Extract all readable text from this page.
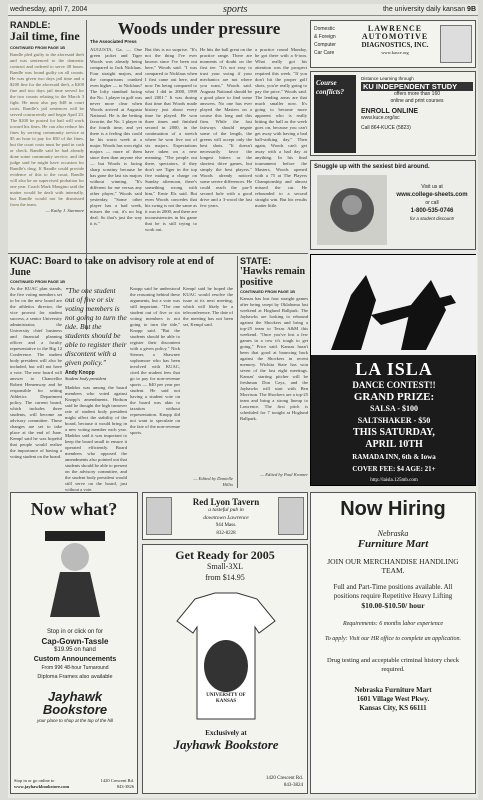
wednesday, april 7, 2004	sports	the university daily kansan 9B
RANDLE:
Jail time, fine
CONTINUED FROM PAGE 1B
Randle pled guilty to the aforesaid theft and was sentenced to the domestic contract and ordered to serve 48 hours. Randle was found guilty on all counts. He was given two days jail time and a $200 fine for the aforesaid theft, a $200 fine and two days jail time served for the two counts relating to the March 3 fight. He must also pay $48 in court costs. Randle's jail sentences will be served concurrently and begin April 23. The $200 he posted for bail will work toward his fines. He can also reduce his fines by serving community service at $5 an hour to pay for $50 of the fines, but the court costs must be paid in cash or check. Randle said he had already done some community service, and the judge said he might have occasion for Randle's drug. If Randle could provide evidence of this to the court, Randle will also be on supervised probation for one year. Coach Mark Mangino said the matter would be dealt with internally, but Randle would not be dismissed from the team.
— Kathy J. Sizemore
Woods under pressure
The Associated Press
AUGUSTA, Ga. — One green jacket and Tiger Woods was already being compared to Jack Nicklaus. Four straight majors, and the comparisons cranked even higher — to Nicklaus? The lofty standard facing the No. 1 player in golf was never more clear when Woods arrived at Augusta National. He is the betting favorite, the No. 1 player in the fourth time, and yet there is a feeling this could be his worst week at a major. Woods has won eight majors — more of them since then than anyone else — but Woods is facing sharp scrutiny because he has gone the last six majors without winning. "It's different for me versus any other player," Woods said yesterday. "Some other player has a bad week, misses the cut, it's no big deal. So that's just the way it is."
But this is no surprise. "It's not the thing I've ever known since I've been out here," Woods said. "I was compared to Nicklaus when I first came out here, and now I'm being compared to what I did in 2000, 1999 and 2001." It was during that time that Woods made history just about every time he played. He won three times and finished second in 2000, in the continuation of a stretch where he won five out of six majors. Expectations have taken on a new meaning. "The people out there, spectators, if they don't see Tiger in the top five making a charge on Sunday afternoon, there's something wrong with him," Ernie Els said. But even Woods concedes that his swing is not the same as it was in 2000, and there are inconsistencies in his game that he is still trying to work out.
He hits the ball great on the practice range. There are moments of doubt on the first tee. "It's not easy to trust your swing if your mechanics are not where you want," Woods said. Augusta National should be a good place to find some answers. No one has ever played the Masters on a course this long and this firm. While the fast fairways should negate some of the length, the greens will accept only the best shots. "It doesn't necessarily favor the longest hitters or the shortest drive games, but simply the best players." Woods already noticed some severe differences. He could reach the par-5 second hole with a good drive and a 3-wood the last few years.
a practice round Monday, he got there with a 6-iron. What really got his attention was the prospect required this week. "If you don't hit the proper golf shots, you're really going to pay the price," Woods said. The lending areas are that much smaller now. It's going to become more apparent who is really hitting the ball as the week goes on, because you can't get away with having a bad ball-striking day." Then again, Woods can't get away with a bad day at anything. In his final tournament before the Masters, Woods opened with a 75 at The Players Championship and almost missed the cut. He rebounded to a second straight win. But his results matter little.
Domestic
& Foreign
Computer
Car Care
LAWRENCE
AUTOMOTIVE
DIAGNOSTICS, INC.
www.kasce.org
Course conflicts?
Distance Learning through
KU INDEPENDENT STUDY
offers more than 160
online and print courses
ENROLL ONLINE
www.kuce.org/isc
Call 864-KUCE (5823)
Snuggle up with the sexiest bird around.
Visit us at
www.college-sheets.com
or call
1-800-535-0746
for a student discount!
KUAC: Board to take on advisory role at end of June
CONTINUED FROM PAGE 1B
As the KUAC plan stands, the five voting members set to be on the new board are the athletics director, the vice provost for student success, a senior University administrator, the University chief business and financial planning officer and a faculty representative to the Big 12 Conference. The student body president will also be included, but will not have a vote. The new board will answer to Chancellor Robert Hemenway and be responsible for setting Athletics Department policy. The current board, which includes three students, will become an advisory committee. Those changes are set to take place at the end of June. Kempf said he was hopeful that people would realize the importance of having a voting student on the board.
"The one student out of five or six voting members is not going to turn the tide. But the students should be able to register their discontent with a given policy."
Andy Knopp
Student body president
Maddox was among the board members who voted against Knopp's amendments. Hodson said he thought the high turnover rate of student body president might affect the stability of the board, because it would bring in a new voting member each year. Maddox said it was important to keep the board small to ensure it operated efficiently. Board members who opposed the amendments also pointed out that students should be able to present on the advisory committee, and the student body president would still serve on the board, just without a vote.
Knopp said he understood the reasoning behind these arguments, but a vote was still important. "The one student out of five or six voting members is not going to turn the tide," Knopp said. "But the students should be able to register their discontent with a given policy." Nick Sterner, a Shawnee sophomore who has been involved with KUAC, cited the student fees that go to pay for non-revenue sports — $40 per year per student. He said not having a student vote on the board was akin to taxation without representation. Knopp did not want to speculate on the fate of the non-revenue sports.
Kempf said he hoped the KUAC would resolve the issue at its next meeting, which will likely be a teleconference. The date of the meeting has not been set, Kempf said.
— Edited by Danielle Hillix
STATE:
'Hawks remain positive
CONTINUED FROM PAGE 1B
Kansas has lost four straight games after being swept by Oklahoma last weekend at Hoglund Ballpark. The Jayhawks are looking to rebound against the Shockers and bring a top-25 team to Texas A&M this weekend. "Once you've lost a few games in a row it's tough to get going," Price said. Kansas hasn't been that good at bouncing back against the Shockers in recent memory. Wichita State has won seven of the last eight meetings. Kansas' starting pitcher will be freshman Don Czyz, and the Jayhawks will start with Ben Morrison. The Shockers are a top-25 team and bring a strong lineup to Lawrence. The first pitch is scheduled for 7 tonight at Hoglund Ballpark.
— Edited by Paul Kramer
LA ISLA
DANCE CONTEST!!
GRAND PRIZE:
SALSA - $100
SALTSHAKER - $50
THIS SATURDAY,
APRIL 10TH
RAMADA INN, 6th & Iowa
COVER FEE: $4 AGE: 21+
http://laisla.125mb.com
Now what?
Stop in or click on for
Cap-Gown-Tassle
$19.95 on hand
Custom Announcements
From 99¢ 48-hour Turnaround
Diploma Frames also available
Jayhawk
Bookstore
your place to shop at the top of the hill
Stop in or go online to
www.jayhawkbookstore.com
1420 Crescent Rd.
843-3826
Red Lyon Tavern
a tasteful pub in
downtown Lawrence
944 Mass.
832-8228
Get Ready for 2005
Small-3XL
from $14.95
UNIVERSITY OF KANSAS
Exclusively at
Jayhawk Bookstore
1420 Crescent Rd.
843-3824
Now Hiring
Nebraska
Furniture Mart
JOIN OUR MERCHANDISE HANDLING TEAM.
Full and Part-Time positions available. All positions require Repetitive Heavy Lifting
$10.00-$10.50/ hour
Requirements: 6 months labor experience
To apply: Visit our HR office to complete an application.
Drug testing and acceptable criminal history check required.
Nebraska Furniture Mart
1601 Village West Pkwy.
Kansas City, KS 66111
